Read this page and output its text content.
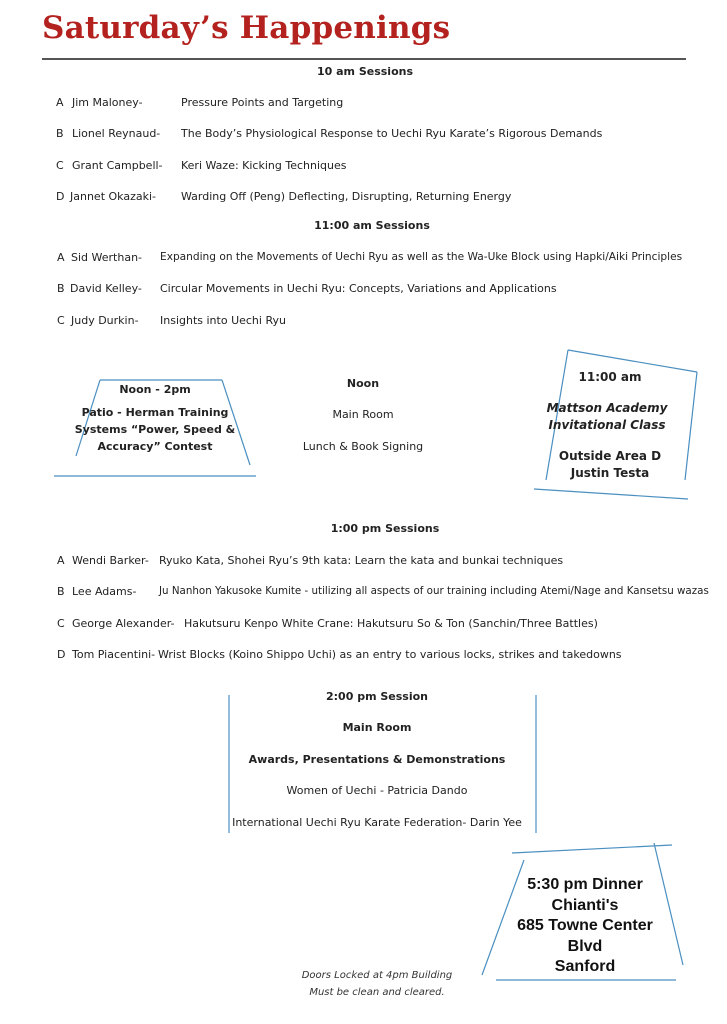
Saturday’s Happenings
10 am Sessions
A Jim Maloney-	Pressure Points and Targeting
B Lionel Reynaud- The Body’s Physiological Response to Uechi Ryu Karate’s Rigorous Demands
C Grant Campbell- Keri Waze: Kicking Techniques
D Jannet Okazaki- Warding Off (Peng) Deflecting, Disrupting, Returning Energy
11:00 am Sessions
A Sid Werthan- Expanding on the Movements of Uechi Ryu as well as the Wa-Uke Block using Hapki/Aiki Principles
B David Kelley- Circular Movements in Uechi Ryu: Concepts, Variations and Applications
C Judy Durkin- Insights into Uechi Ryu
Noon - 2pm
Patio - Herman Training
Systems “Power, Speed &
Accuracy” Contest
Noon
Main Room
Lunch & Book Signing
11:00 am
Mattson Academy
Invitational Class
Outside Area D
Justin Testa
1:00 pm Sessions
A Wendi Barker- Ryuko Kata, Shohei Ryu’s 9th kata: Learn the kata and bunkai techniques
B Lee Adams- Ju Nanhon Yakusoke Kumite - utilizing all aspects of our training including Atemi/Nage and Kansetsu wazas
C George Alexander- Hakutsuru Kenpo White Crane: Hakutsuru So & Ton (Sanchin/Three Battles)
D Tom Piacentini- Wrist Blocks (Koino Shippo Uchi) as an entry to various locks, strikes and takedowns
2:00 pm Session
Main Room
Awards, Presentations & Demonstrations
Women of Uechi - Patricia Dando
International Uechi Ryu Karate Federation- Darin Yee
5:30 pm Dinner
Chianti's
685 Towne Center
Blvd
Sanford
Doors Locked at 4pm Building
Must be clean and cleared.
